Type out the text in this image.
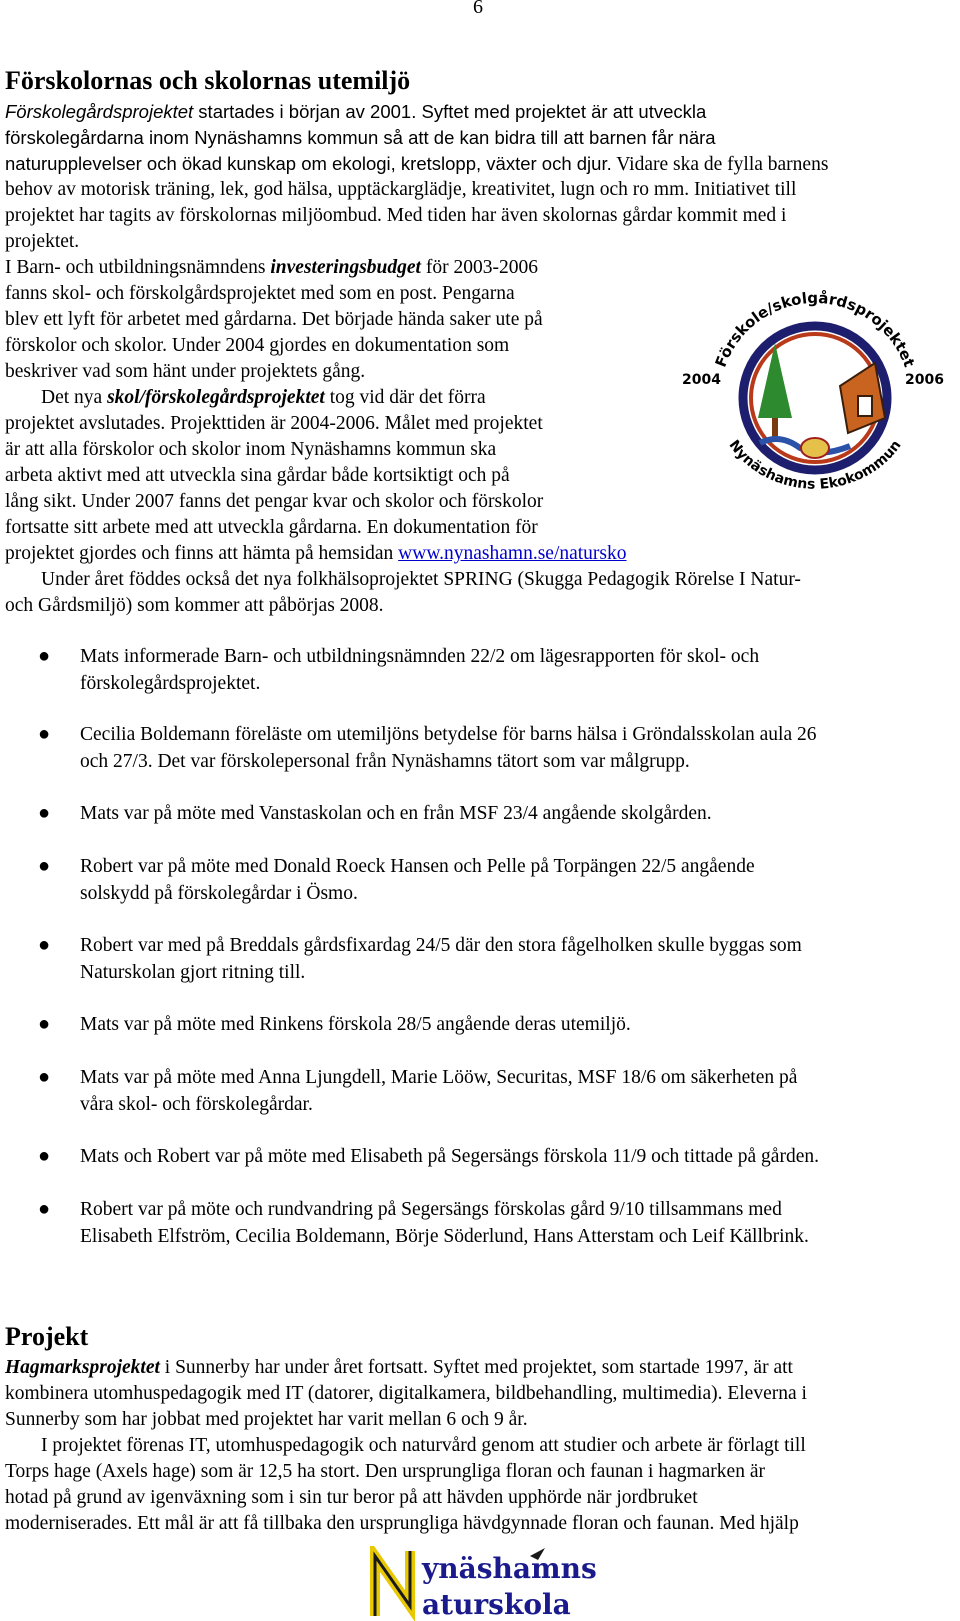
6
Förskolornas och skolornas utemiljö

Förskolegårdsprojektet startades i början av 2001. Syftet med projektet är att utveckla

förskolegårdarna inom Nynäshamns kommun så att de kan bidra till att barnen får nära

naturupplevelser och ökad kunskap om ekologi, kretslopp, växter och djur. Vidare ska de fylla barnens

behov av motorisk träning, lek, god hälsa, upptäckarglädje, kreativitet, lugn och ro mm. Initiativet till

projektet har tagits av förskolornas miljöombud. Med tiden har även skolornas gårdar kommit med i

projektet.

I Barn- och utbildningsnämndens investeringsbudget för 2003-2006

fanns skol- och förskolgårdsprojektet med som en post. Pengarna

blev ett lyft för arbetet med gårdarna. Det började hända saker ute på

förskolor och skolor. Under 2004 gjordes en dokumentation som

beskriver vad som hänt under projektets gång.

Det nya skol/förskolegårdsprojektet tog vid där det förra

projektet avslutades. Projekttiden är 2004-2006. Målet med projektet

är att alla förskolor och skolor inom Nynäshamns kommun ska

arbeta aktivt med att utveckla sina gårdar både kortsiktigt och på

lång sikt. Under 2007 fanns det pengar kvar och skolor och förskolor

fortsatte sitt arbete med att utveckla gårdarna. En dokumentation för

projektet gjordes och finns att hämta på hemsidan www.nynashamn.se/natursko

Under året föddes också det nya folkhälsoprojektet SPRING (Skugga Pedagogik Rörelse I Natur-

och Gårdsmiljö) som kommer att påbörjas 2008.

Förskole/skolgårdsprojektet
Nynäshamns Ekokommun
2004	2006
● Mats informerade Barn- och utbildningsnämnden 22/2 om lägesrapporten för skol- och
förskolegårdsprojektet.
● Cecilia Boldemann föreläste om utemiljöns betydelse för barns hälsa i Gröndalsskolan aula 26
och 27/3. Det var förskolepersonal från Nynäshamns tätort som var målgrupp.
● Mats var på möte med Vanstaskolan och en från MSF 23/4 angående skolgården.
● Robert var på möte med Donald Roeck Hansen och Pelle på Torpängen 22/5 angående
solskydd på förskolegårdar i Ösmo.
● Robert var med på Breddals gårdsfixardag 24/5 där den stora fågelholken skulle byggas som
Naturskolan gjort ritning till.
● Mats var på möte med Rinkens förskola 28/5 angående deras utemiljö.
● Mats var på möte med Anna Ljungdell, Marie Lööw, Securitas, MSF 18/6 om säkerheten på
våra skol- och förskolegårdar.
● Mats och Robert var på möte med Elisabeth på Segersängs förskola 11/9 och tittade på gården.
● Robert var på möte och rundvandring på Segersängs förskolas gård 9/10 tillsammans med
Elisabeth Elfström, Cecilia Boldemann, Börje Söderlund, Hans Atterstam och Leif Källbrink.
Projekt

Hagmarksprojektet i Sunnerby har under året fortsatt. Syftet med projektet, som startade 1997, är att

kombinera utomhuspedagogik med IT (datorer, digitalkamera, bildbehandling, multimedia). Eleverna i

Sunnerby som har jobbat med projektet har varit mellan 6 och 9 år.

I projektet förenas IT, utomhuspedagogik och naturvård genom att studier och arbete är förlagt till

Torps hage (Axels hage) som är 12,5 ha stort. Den ursprungliga floran och faunan i hagmarken är

hotad på grund av igenväxning som i sin tur beror på att hävden upphörde när jordbruket

moderniserades. Ett mål är att få tillbaka den ursprungliga hävdgynnade floran och faunan. Med hjälp

ynäshamns
aturskola
